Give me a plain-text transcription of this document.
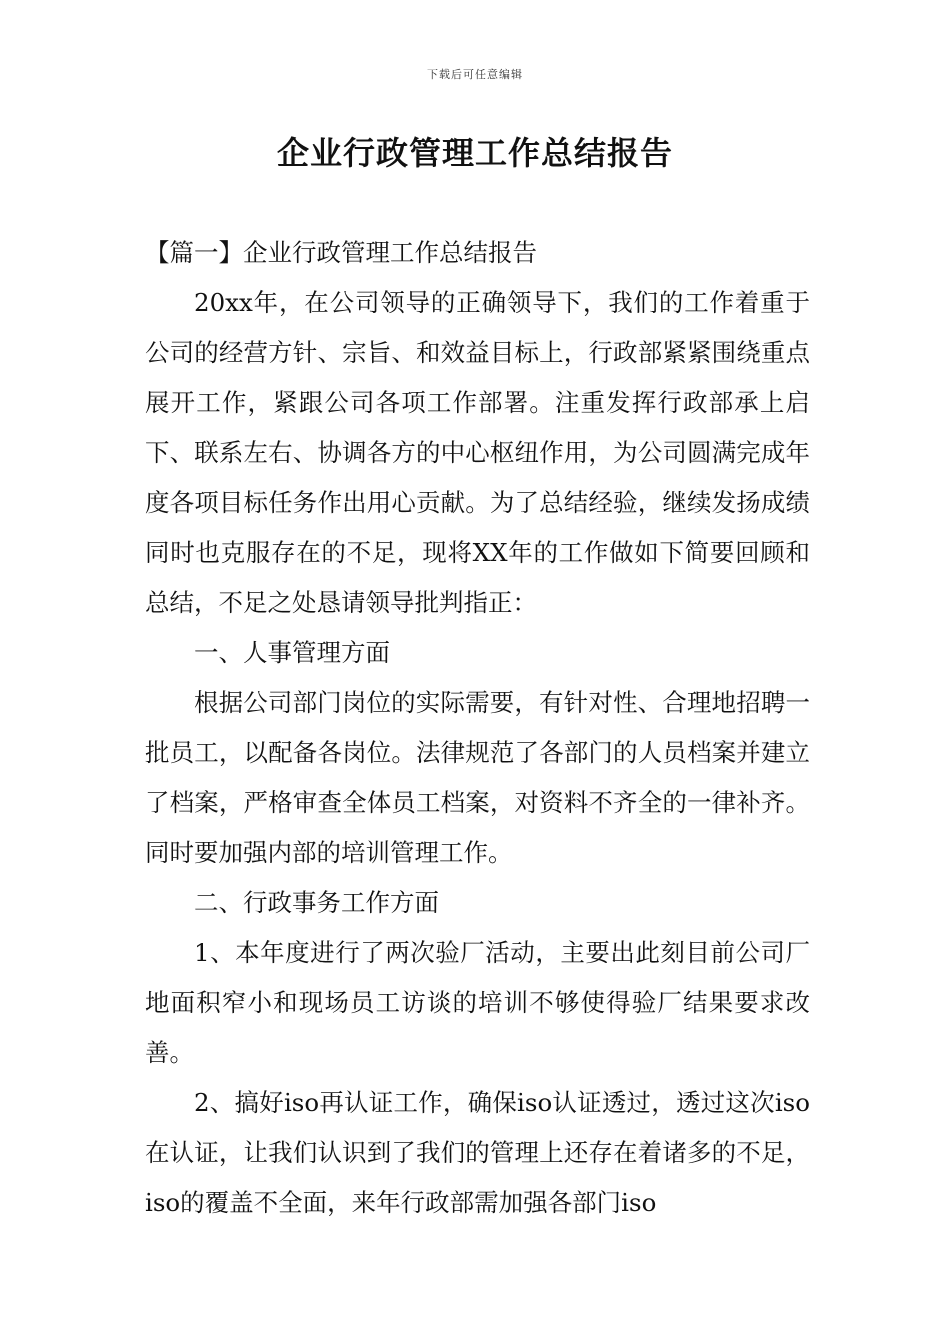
下载后可任意编辑
企业行政管理工作总结报告

【篇一】企业行政管理工作总结报告

20xx年，在公司领导的正确领导下，我们的工作着重于公司的经营方针、宗旨、和效益目标上，行政部紧紧围绕重点展开工作，紧跟公司各项工作部署。注重发挥行政部承上启下、联系左右、协调各方的中心枢纽作用，为公司圆满完成年度各项目标任务作出用心贡献。为了总结经验，继续发扬成绩同时也克服存在的不足，现将XX年的工作做如下简要回顾和总结，不足之处恳请领导批判指正：

一、人事管理方面

根据公司部门岗位的实际需要，有针对性、合理地招聘一批员工，以配备各岗位。法律规范了各部门的人员档案并建立了档案，严格审查全体员工档案，对资料不齐全的一律补齐。同时要加强内部的培训管理工作。

二、行政事务工作方面

1、本年度进行了两次验厂活动，主要出此刻目前公司厂地面积窄小和现场员工访谈的培训不够使得验厂结果要求改善。

2、搞好iso再认证工作，确保iso认证透过，透过这次iso在认证，让我们认识到了我们的管理上还存在着诸多的不足，iso的覆盖不全面，来年行政部需加强各部门iso
